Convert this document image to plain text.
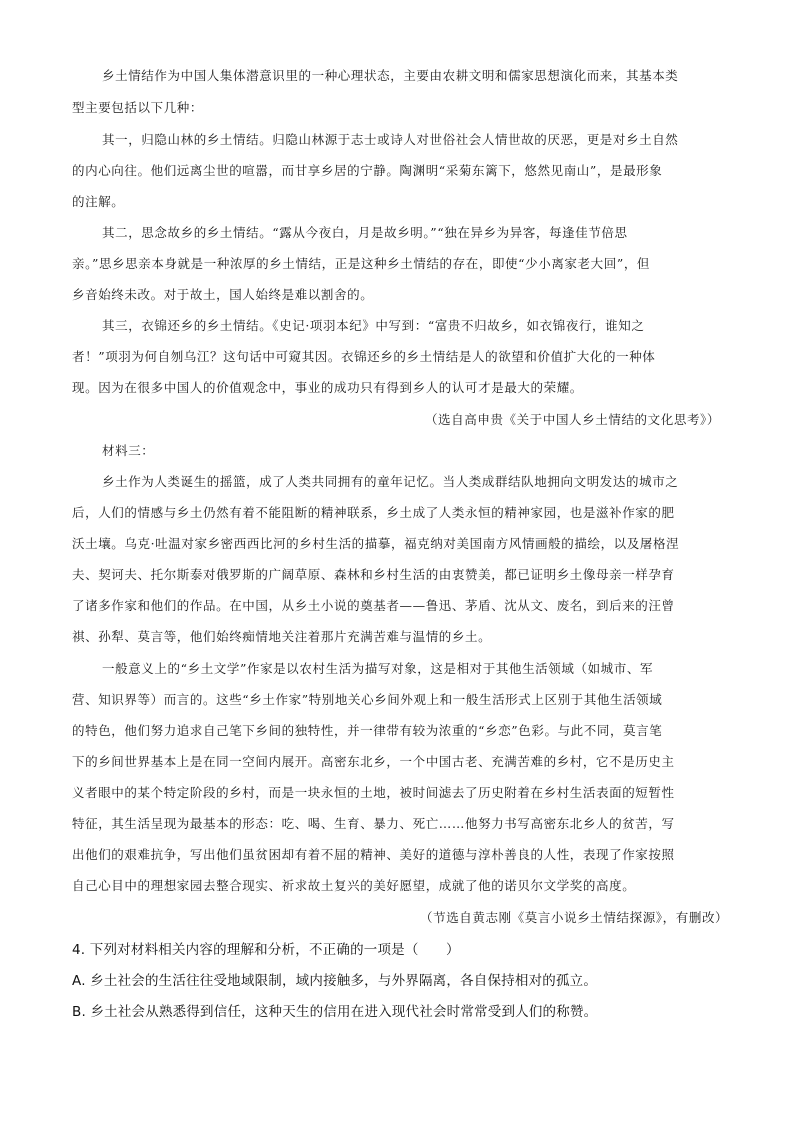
乡土情结作为中国人集体潜意识里的一种心理状态，主要由农耕文明和儒家思想演化而来，其基本类
型主要包括以下几种：
其一，归隐山林的乡土情结。归隐山林源于志士或诗人对世俗社会人情世故的厌恶，更是对乡土自然
的内心向往。他们远离尘世的喧嚣，而甘享乡居的宁静。陶渊明“采菊东篱下，悠然见南山”，是最形象
的注解。
其二，思念故乡的乡土情结。“露从今夜白，月是故乡明。”“独在异乡为异客，每逢佳节倍思
亲。”思乡思亲本身就是一种浓厚的乡土情结，正是这种乡土情结的存在，即使“少小离家老大回”，但
乡音始终未改。对于故土，国人始终是难以割舍的。
其三，衣锦还乡的乡土情结。《史记·项羽本纪》中写到：“富贵不归故乡，如衣锦夜行，谁知之
者！”项羽为何自刎乌江？这句话中可窥其因。衣锦还乡的乡土情结是人的欲望和价值扩大化的一种体
现。因为在很多中国人的价值观念中，事业的成功只有得到乡人的认可才是最大的荣耀。
（选自高申贵《关于中国人乡土情结的文化思考》）
材料三：
乡土作为人类诞生的摇篮，成了人类共同拥有的童年记忆。当人类成群结队地拥向文明发达的城市之
后，人们的情感与乡土仍然有着不能阻断的精神联系，乡土成了人类永恒的精神家园，也是滋补作家的肥
沃土壤。乌克·吐温对家乡密西西比河的乡村生活的描摹，福克纳对美国南方风情画般的描绘，以及屠格涅
夫、契诃夫、托尔斯泰对俄罗斯的广阔草原、森林和乡村生活的由衷赞美，都已证明乡土像母亲一样孕育
了诸多作家和他们的作品。在中国，从乡土小说的奠基者——鲁迅、茅盾、沈从文、废名，到后来的汪曾
祺、孙犁、莫言等，他们始终痴情地关注着那片充满苦难与温情的乡土。
一般意义上的“乡土文学”作家是以农村生活为描写对象，这是相对于其他生活领域（如城市、军
营、知识界等）而言的。这些“乡土作家”特别地关心乡间外观上和一般生活形式上区别于其他生活领域
的特色，他们努力追求自己笔下乡间的独特性，并一律带有较为浓重的“乡恋”色彩。与此不同，莫言笔
下的乡间世界基本上是在同一空间内展开。高密东北乡，一个中国古老、充满苦难的乡村，它不是历史主
义者眼中的某个特定阶段的乡村，而是一块永恒的土地，被时间滤去了历史附着在乡村生活表面的短暂性
特征，其生活呈现为最基本的形态：吃、喝、生育、暴力、死亡……他努力书写高密东北乡人的贫苦，写
出他们的艰难抗争，写出他们虽贫困却有着不屈的精神、美好的道德与淳朴善良的人性，表现了作家按照
自己心目中的理想家园去整合现实、祈求故土复兴的美好愿望，成就了他的诺贝尔文学奖的高度。
（节选自黄志刚《莫言小说乡土情结探源》，有删改）
4. 下列对材料相关内容的理解和分析，不正确的一项是（　　）
A. 乡土社会的生活往往受地域限制，域内接触多，与外界隔离，各自保持相对的孤立。
B. 乡土社会从熟悉得到信任，这种天生的信用在进入现代社会时常常受到人们的称赞。
